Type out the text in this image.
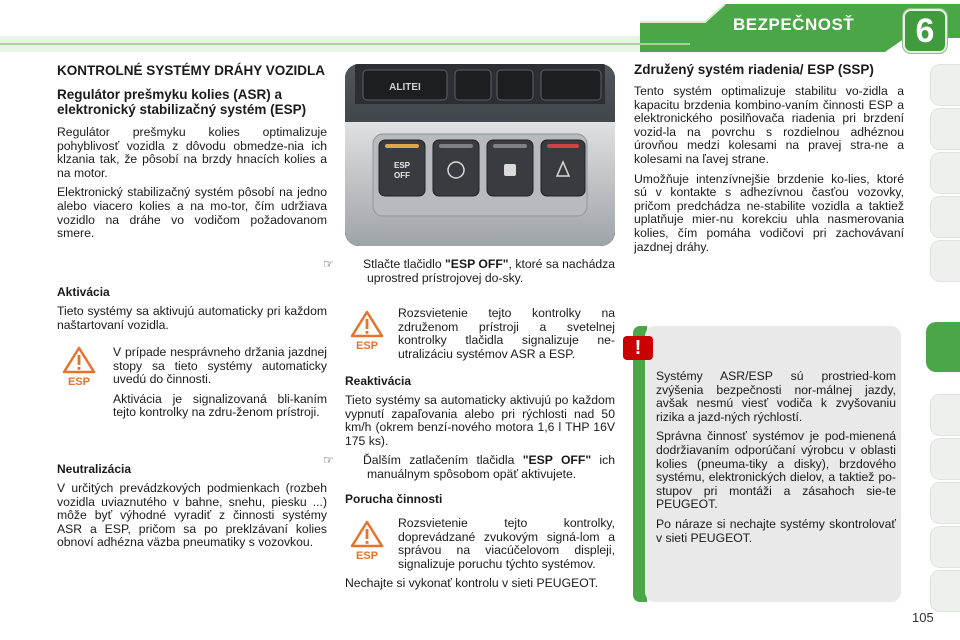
BEZPEČNOSŤ	6
KONTROLNÉ SYSTÉMY DRÁHY VOZIDLA
Regulátor prešmyku kolies (ASR) a elektronický stabilizačný systém (ESP)

Regulátor prešmyku kolies optimalizuje pohyblivosť vozidla z dôvodu obmedze-nia ich klzania tak, že pôsobí na brzdy hnacích kolies a na motor.

Elektronický stabilizačný systém pôsobí na jedno alebo viacero kolies a na mo-tor, čím udržiava vozidlo na dráhe vo vodičom požadovanom smere.

Aktivácia

Tieto systémy sa aktivujú automaticky pri každom naštartovaní vozidla.

ESP

V prípade nesprávneho držania jazdnej stopy sa tieto systémy automaticky uvedú do činnosti.

Aktivácia je signalizovaná bli-kaním tejto kontrolky na zdru-ženom prístroji.

Neutralizácia

V určitých prevádzkových podmienkach (rozbeh vozidla uviaznutého v bahne, snehu, piesku ...) môže byť výhodné vyradiť z činnosti systémy ASR a ESP, pričom sa po preklzávaní kolies obnoví adhézna väzba pneumatiky s vozovkou.

ALITEI
ESP
OFF

☞ Stlačte tlačidlo "ESP OFF", ktoré sa nachádza uprostred prístrojovej do-sky.

ESP

Rozsvietenie tejto kontrolky na združenom prístroji a svetelnej kontrolky tlačidla signalizuje ne-utralizáciu systémov ASR a ESP.

Reaktivácia

Tieto systémy sa automaticky aktivujú po každom vypnutí zapaľovania alebo pri rýchlosti nad 50 km/h (okrem benzí-nového motora 1,6 l THP 16V 175 ks).

☞ Ďalším zatlačením tlačidla "ESP OFF" ich manuálnym spôsobom opäť aktivujete.

Porucha činnosti
ESP

Rozsvietenie tejto kontrolky, doprevádzané zvukovým signá-lom a správou na viacúčelovom displeji, signalizuje poruchu týchto systémov.

Nechajte si vykonať kontrolu v sieti PEUGEOT.

Združený systém riadenia/ ESP (SSP)

Tento systém optimalizuje stabilitu vo-zidla a kapacitu brzdenia kombino-vaním činnosti ESP a elektronického posilňovača riadenia pri brzdení vozid-la na povrchu s rozdielnou adhéznou úrovňou medzi kolesami na pravej stra-ne a kolesami na ľavej strane.

Umožňuje intenzívnejšie brzdenie ko-lies, ktoré sú v kontakte s adhezívnou časťou vozovky, pričom predchádza ne-stabilite vozidla a taktiež uplatňuje mier-nu korekciu uhla nasmerovania kolies, čím pomáha vodičovi pri zachovávaní jazdnej dráhy.

!

Systémy ASR/ESP sú prostried-kom zvýšenia bezpečnosti nor-málnej jazdy, avšak nesmú viesť vodiča k zvyšovaniu rizika a jazd-ných rýchlostí.

Správna činnosť systémov je pod-mienená dodržiavaním odporúčaní výrobcu v oblasti kolies (pneuma-tiky a disky), brzdového systému, elektronických dielov, a taktiež po-stupov pri montáži a zásahoch sie-te PEUGEOT.

Po náraze si nechajte systémy skontrolovať v sieti PEUGEOT.

105
